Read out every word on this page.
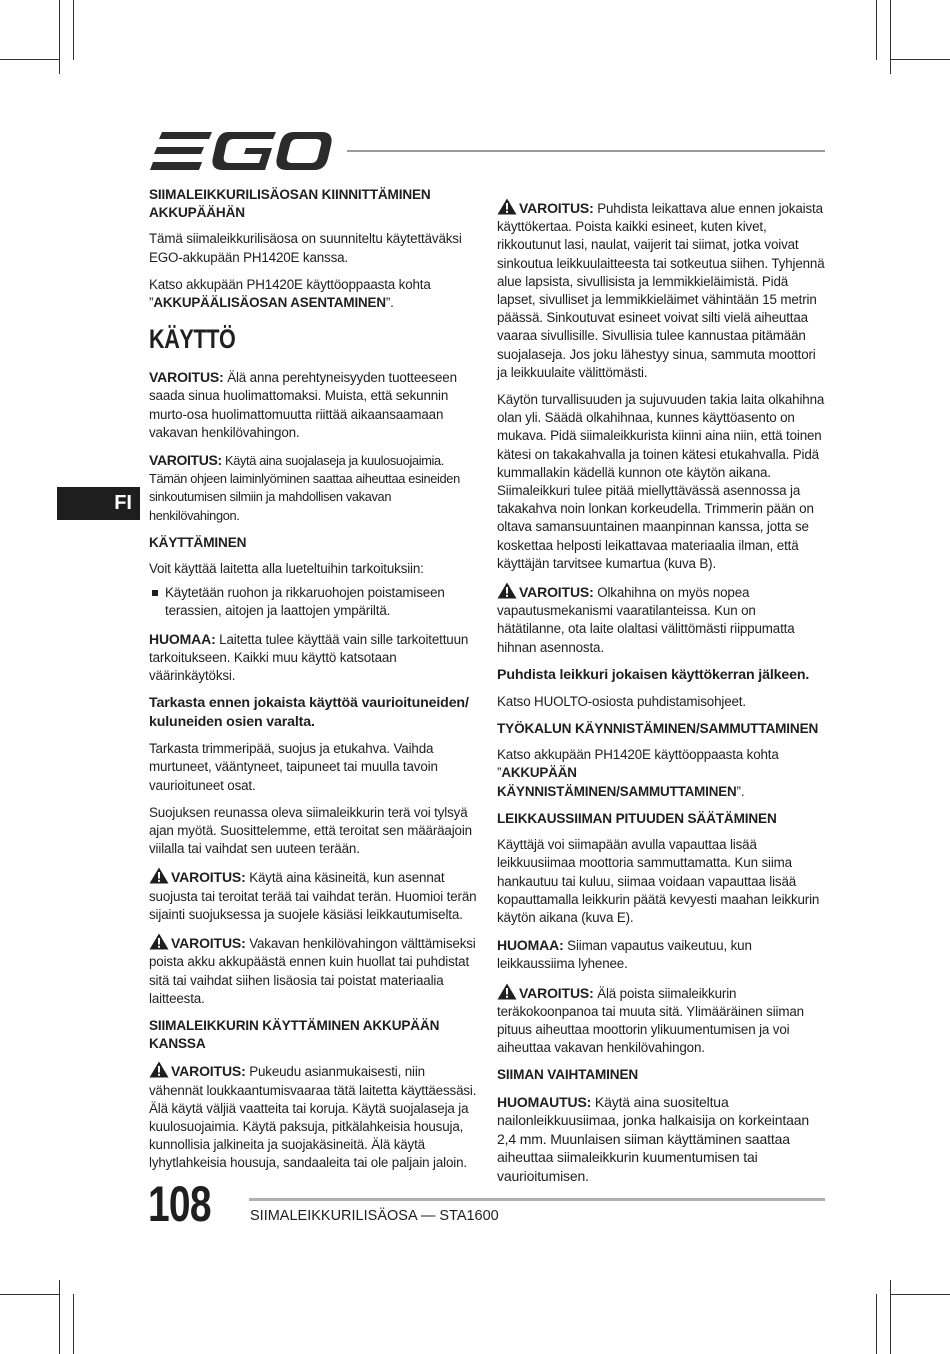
FI
SIIMALEIKKURILISÄOSAN KIINNITTÄMINEN AKKUPÄÄHÄN

Tämä siimaleikkurilisäosa on suunniteltu käytettäväksi EGO-akkupään PH1420E kanssa.

Katso akkupään PH1420E käyttöoppaasta kohta ”AKKUPÄÄLISÄOSAN ASENTAMINEN”.

KÄYTTÖ

VAROITUS: Älä anna perehtyneisyyden tuotteeseen saada sinua huolimattomaksi. Muista, että sekunnin murto-osa huolimattomuutta riittää aikaansaamaan vakavan henkilövahingon.

VAROITUS: Käytä aina suojalaseja ja kuulosuojaimia. Tämän ohjeen laiminlyöminen saattaa aiheuttaa esineiden sinkoutumisen silmiin ja mahdollisen vakavan henkilövahingon.

KÄYTTÄMINEN

Voit käyttää laitetta alla lueteltuihin tarkoituksiin:

Käytetään ruohon ja rikkaruohojen poistamiseen terassien, aitojen ja laattojen ympäriltä.

HUOMAA: Laitetta tulee käyttää vain sille tarkoitettuun tarkoitukseen. Kaikki muu käyttö katsotaan väärinkäytöksi.

Tarkasta ennen jokaista käyttöä vaurioituneiden/ kuluneiden osien varalta.

Tarkasta trimmeripää, suojus ja etukahva. Vaihda murtuneet, vääntyneet, taipuneet tai muulla tavoin vaurioituneet osat.

Suojuksen reunassa oleva siimaleikkurin terä voi tylsyä ajan myötä. Suosittelemme, että teroitat sen määräajoin viilalla tai vaihdat sen uuteen terään.

VAROITUS: Käytä aina käsineitä, kun asennat suojusta tai teroitat terää tai vaihdat terän. Huomioi terän sijainti suojuksessa ja suojele käsiäsi leikkautumiselta.

VAROITUS: Vakavan henkilövahingon välttämiseksi poista akku akkupäästä ennen kuin huollat tai puhdistat sitä tai vaihdat siihen lisäosia tai poistat materiaalia laitteesta.

SIIMALEIKKURIN KÄYTTÄMINEN AKKUPÄÄN KANSSA

VAROITUS: Pukeudu asianmukaisesti, niin vähennät loukkaantumisvaaraa tätä laitetta käyttäessäsi. Älä käytä väljiä vaatteita tai koruja. Käytä suojalaseja ja kuulosuojaimia. Käytä paksuja, pitkälahkeisia housuja, kunnollisia jalkineita ja suojakäsineitä. Älä käytä lyhytlahkeisia housuja, sandaaleita tai ole paljain jaloin.

VAROITUS: Puhdista leikattava alue ennen jokaista käyttökertaa. Poista kaikki esineet, kuten kivet, rikkoutunut lasi, naulat, vaijerit tai siimat, jotka voivat sinkoutua leikkuulaitteesta tai sotkeutua siihen. Tyhjennä alue lapsista, sivullisista ja lemmikkieläimistä. Pidä lapset, sivulliset ja lemmikkieläimet vähintään 15 metrin päässä. Sinkoutuvat esineet voivat silti vielä aiheuttaa vaaraa sivullisille. Sivullisia tulee kannustaa pitämään suojalaseja. Jos joku lähestyy sinua, sammuta moottori ja leikkuulaite välittömästi.

Käytön turvallisuuden ja sujuvuuden takia laita olkahihna olan yli. Säädä olkahihnaa, kunnes käyttöasento on mukava. Pidä siimaleikkurista kiinni aina niin, että toinen kätesi on takakahvalla ja toinen kätesi etukahvalla. Pidä kummallakin kädellä kunnon ote käytön aikana. Siimaleikkuri tulee pitää miellyttävässä asennossa ja takakahva noin lonkan korkeudella. Trimmerin pään on oltava samansuuntainen maanpinnan kanssa, jotta se koskettaa helposti leikattavaa materiaalia ilman, että käyttäjän tarvitsee kumartua (kuva B).

VAROITUS: Olkahihna on myös nopea vapautusmekanismi vaaratilanteissa. Kun on hätätilanne, ota laite olaltasi välittömästi riippumatta hihnan asennosta.

Puhdista leikkuri jokaisen käyttökerran jälkeen.

Katso HUOLTO-osiosta puhdistamisohjeet.

TYÖKALUN KÄYNNISTÄMINEN/SAMMUTTAMINEN

Katso akkupään PH1420E käyttöoppaasta kohta ”AKKUPÄÄN KÄYNNISTÄMINEN/SAMMUTTAMINEN”.

LEIKKAUSSIIMAN PITUUDEN SÄÄTÄMINEN

Käyttäjä voi siimapään avulla vapauttaa lisää leikkuusiimaa moottoria sammuttamatta. Kun siima hankautuu tai kuluu, siimaa voidaan vapauttaa lisää kopauttamalla leikkurin päätä kevyesti maahan leikkurin käytön aikana (kuva E).

HUOMAA: Siiman vapautus vaikeutuu, kun leikkaussiima lyhenee.

VAROITUS: Älä poista siimaleikkurin teräkokoonpanoa tai muuta sitä. Ylimääräinen siiman pituus aiheuttaa moottorin ylikuumentumisen ja voi aiheuttaa vakavan henkilövahingon.

SIIMAN VAIHTAMINEN

HUOMAUTUS: Käytä aina suositeltua nailonleikkuusiimaa, jonka halkaisija on korkeintaan 2,4 mm. Muunlaisen siiman käyttäminen saattaa aiheuttaa siimaleikkurin kuumentumisen tai vaurioitumisen.

108	SIIMALEIKKURILISÄOSA — STA1600
